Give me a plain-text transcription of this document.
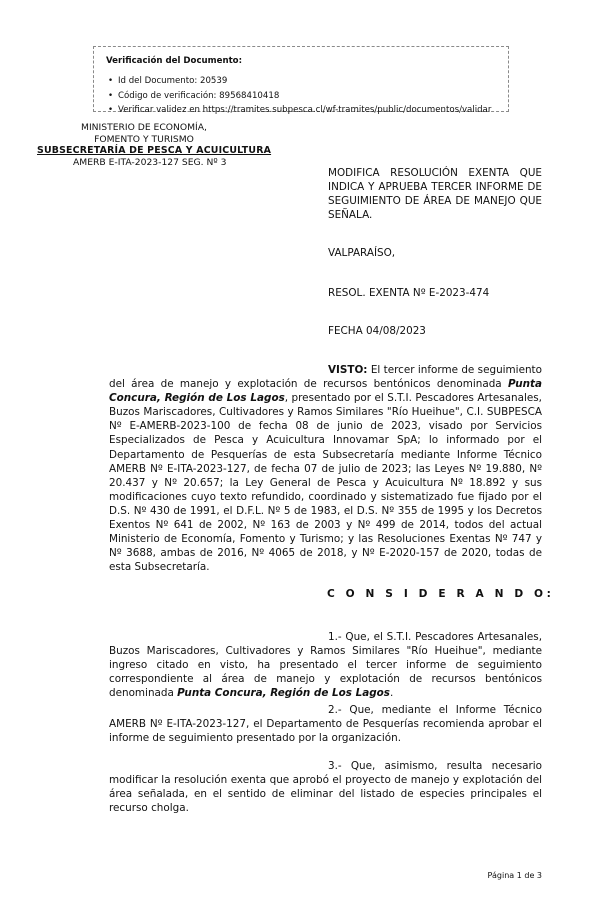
Verificación del Documento:
• Id del Documento: 20539
• Código de verificación: 89568410418
• Verificar validez en https://tramites.subpesca.cl/wf-tramites/public/documentos/validar
MINISTERIO DE ECONOMÍA,
FOMENTO Y TURISMO
SUBSECRETARÍA DE PESCA Y ACUICULTURA
AMERB E-ITA-2023-127 SEG. Nº 3
MODIFICA RESOLUCIÓN EXENTA QUE INDICA Y APRUEBA TERCER INFORME DE SEGUIMIENTO DE ÁREA DE MANEJO QUE SEÑALA.
VALPARAÍSO,
RESOL. EXENTA Nº E-2023-474
FECHA 04/08/2023
VISTO: El tercer informe de seguimiento del área de manejo y explotación de recursos bentónicos denominada Punta Concura, Región de Los Lagos, presentado por el S.T.I. Pescadores Artesanales, Buzos Mariscadores, Cultivadores y Ramos Similares "Río Hueihue", C.I. SUBPESCA Nº E-AMERB-2023-100 de fecha 08 de junio de 2023, visado por Servicios Especializados de Pesca y Acuicultura Innovamar SpA; lo informado por el Departamento de Pesquerías de esta Subsecretaría mediante Informe Técnico AMERB Nº E-ITA-2023-127, de fecha 07 de julio de 2023; las Leyes Nº 19.880, Nº 20.437 y Nº 20.657; la Ley General de Pesca y Acuicultura Nº 18.892 y sus modificaciones cuyo texto refundido, coordinado y sistematizado fue fijado por el D.S. Nº 430 de 1991, el D.F.L. Nº 5 de 1983, el D.S. Nº 355 de 1995 y los Decretos Exentos Nº 641 de 2002, Nº 163 de 2003 y Nº 499 de 2014, todos del actual Ministerio de Economía, Fomento y Turismo; y las Resoluciones Exentas Nº 747 y Nº 3688, ambas de 2016, Nº 4065 de 2018, y Nº E-2020-157 de 2020, todas de esta Subsecretaría.
C O N S I D E R A N D O:
1.- Que, el S.T.I. Pescadores Artesanales, Buzos Mariscadores, Cultivadores y Ramos Similares "Río Hueihue", mediante ingreso citado en visto, ha presentado el tercer informe de seguimiento correspondiente al área de manejo y explotación de recursos bentónicos denominada Punta Concura, Región de Los Lagos.
2.- Que, mediante el Informe Técnico AMERB Nº E-ITA-2023-127, el Departamento de Pesquerías recomienda aprobar el informe de seguimiento presentado por la organización.
3.- Que, asimismo, resulta necesario modificar la resolución exenta que aprobó el proyecto de manejo y explotación del área señalada, en el sentido de eliminar del listado de especies principales el recurso cholga.
Página 1 de 3
